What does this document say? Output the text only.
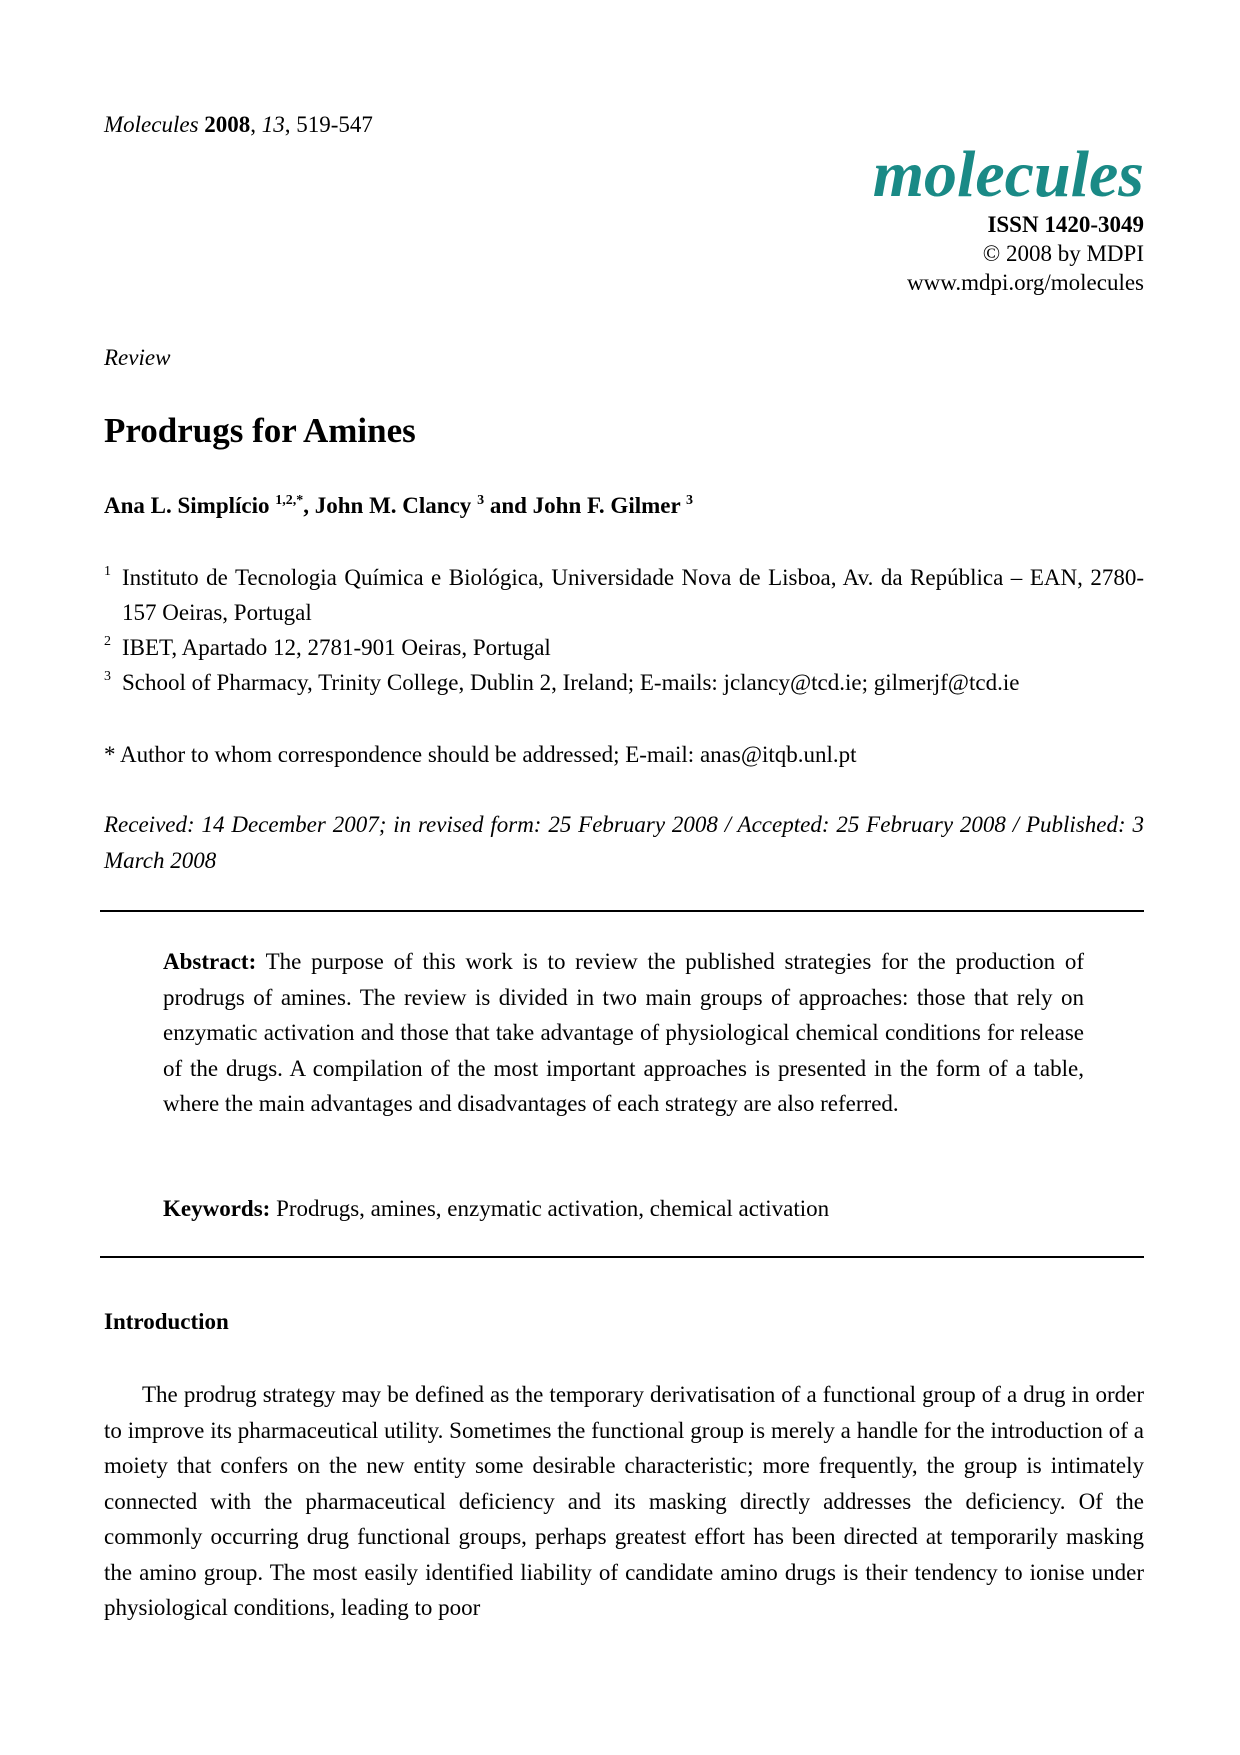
Molecules 2008, 13, 519-547

molecules

ISSN 1420-3049

© 2008 by MDPI

www.mdpi.org/molecules

Review
Prodrugs for Amines
Ana L. Simplício $^{1,2,*}$, John M. Clancy $^3$ and John F. Gilmer $^3$
1 Instituto de Tecnologia Química e Biológica, Universidade Nova de Lisboa, Av. da República – EAN, 2780-157 Oeiras, Portugal
2 IBET, Apartado 12, 2781-901 Oeiras, Portugal
3 School of Pharmacy, Trinity College, Dublin 2, Ireland; E-mails: jclancy@tcd.ie; gilmerjf@tcd.ie
* Author to whom correspondence should be addressed; E-mail: anas@itqb.unl.pt
Received: 14 December 2007; in revised form: 25 February 2008 / Accepted: 25 February 2008 / Published: 3 March 2008
Abstract: The purpose of this work is to review the published strategies for the production of prodrugs of amines. The review is divided in two main groups of approaches: those that rely on enzymatic activation and those that take advantage of physiological chemical conditions for release of the drugs. A compilation of the most important approaches is presented in the form of a table, where the main advantages and disadvantages of each strategy are also referred.
Keywords: Prodrugs, amines, enzymatic activation, chemical activation
Introduction
The prodrug strategy may be defined as the temporary derivatisation of a functional group of a drug in order to improve its pharmaceutical utility. Sometimes the functional group is merely a handle for the introduction of a moiety that confers on the new entity some desirable characteristic; more frequently, the group is intimately connected with the pharmaceutical deficiency and its masking directly addresses the deficiency. Of the commonly occurring drug functional groups, perhaps greatest effort has been directed at temporarily masking the amino group. The most easily identified liability of candidate amino drugs is their tendency to ionise under physiological conditions, leading to poor
